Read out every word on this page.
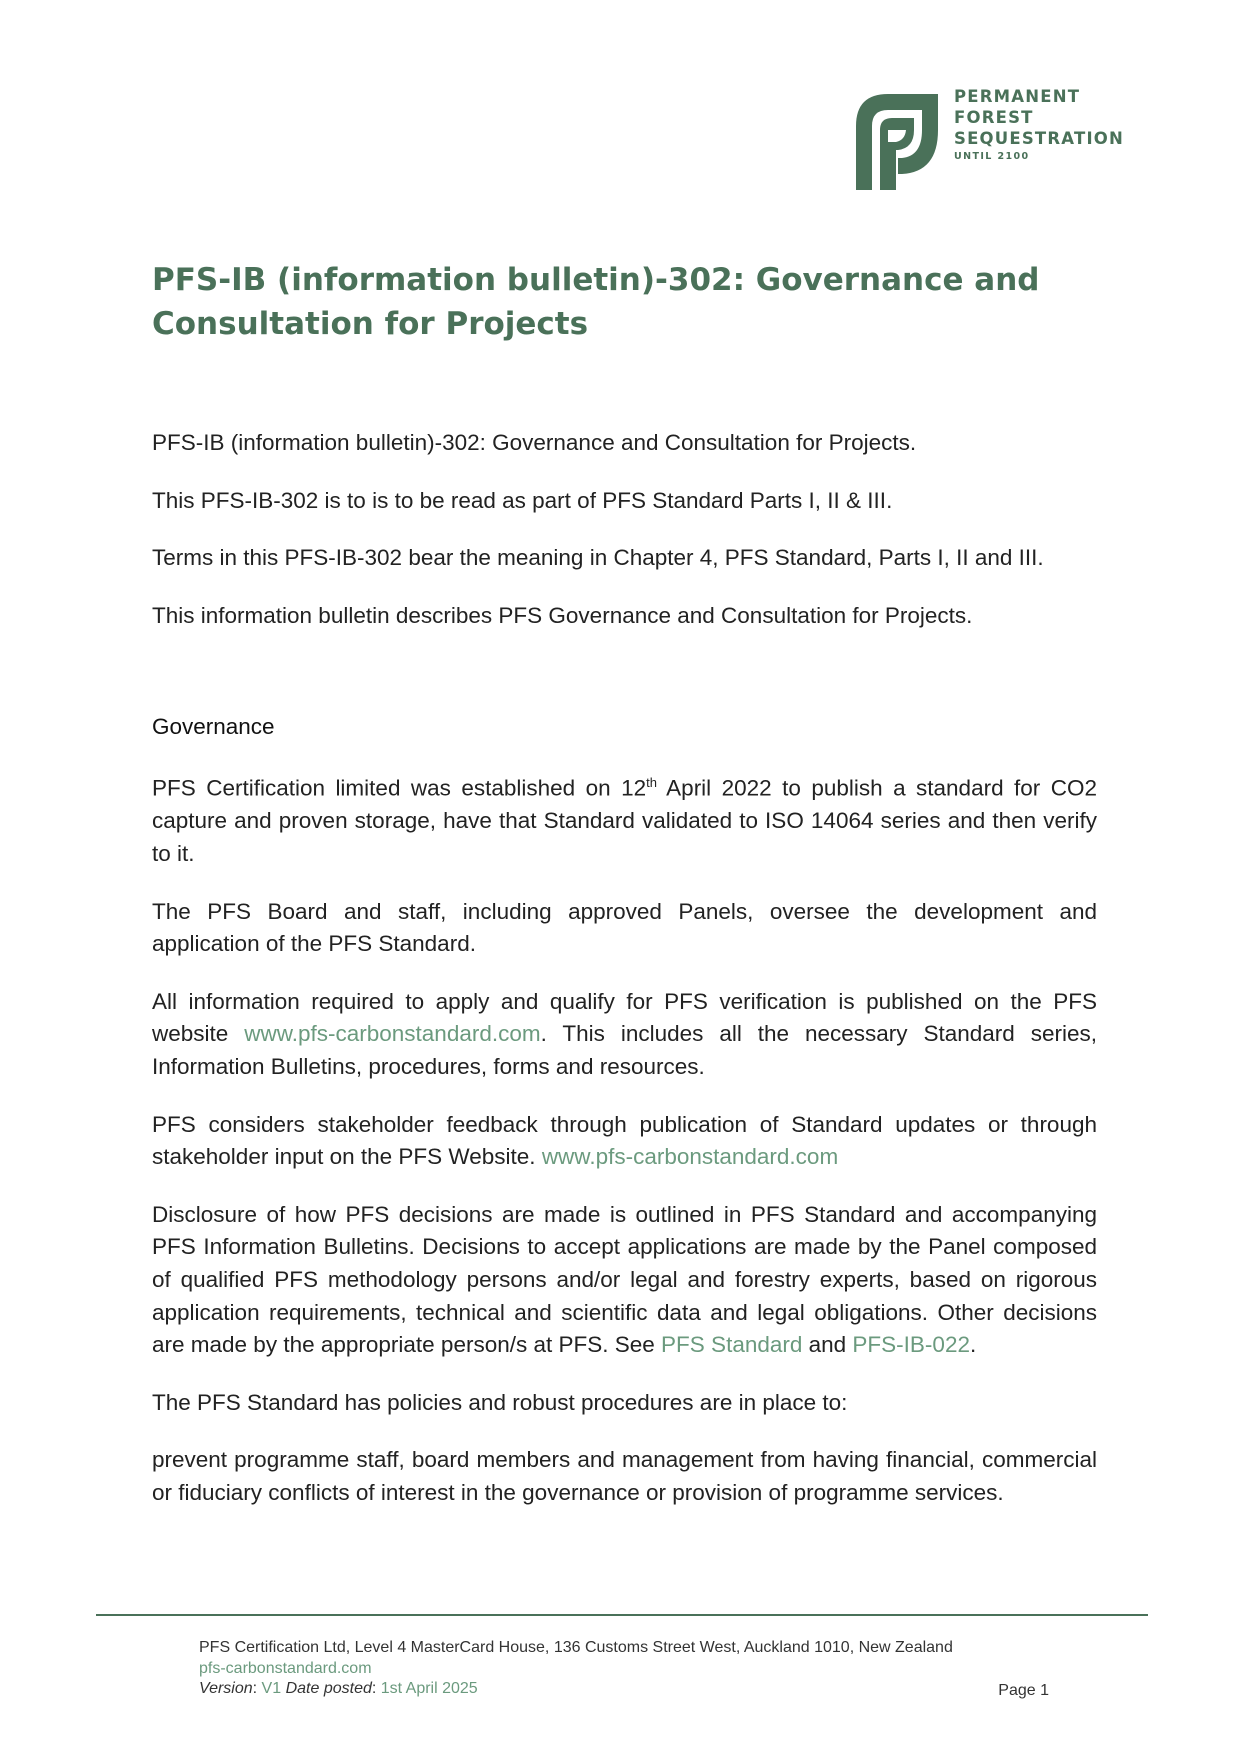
PERMANENT
FOREST
SEQUESTRATION
UNTIL 2100
PFS-IB (information bulletin)-302: Governance and Consultation for Projects

PFS-IB (information bulletin)-302: Governance and Consultation for Projects.

This PFS-IB-302 is to is to be read as part of PFS Standard Parts I, II & III.

Terms in this PFS-IB-302 bear the meaning in Chapter 4, PFS Standard, Parts I, II and III.

This information bulletin describes PFS Governance and Consultation for Projects.

Governance

PFS Certification limited was established on 12th April 2022 to publish a standard for CO2 capture and proven storage, have that Standard validated to ISO 14064 series and then verify to it.

The PFS Board and staff, including approved Panels, oversee the development and application of the PFS Standard.

All information required to apply and qualify for PFS verification is published on the PFS website www.pfs-carbonstandard.com. This includes all the necessary Standard series, Information Bulletins, procedures, forms and resources.

PFS considers stakeholder feedback through publication of Standard updates or through stakeholder input on the PFS Website. www.pfs-carbonstandard.com

Disclosure of how PFS decisions are made is outlined in PFS Standard and accompanying PFS Information Bulletins. Decisions to accept applications are made by the Panel composed of qualified PFS methodology persons and/or legal and forestry experts, based on rigorous application requirements, technical and scientific data and legal obligations. Other decisions are made by the appropriate person/s at PFS. See PFS Standard and PFS-IB-022.

The PFS Standard has policies and robust procedures are in place to:

prevent programme staff, board members and management from having financial, commercial or fiduciary conflicts of interest in the governance or provision of programme services.

PFS Certification Ltd, Level 4 MasterCard House, 136 Customs Street West, Auckland 1010, New Zealand
pfs-carbonstandard.com
Version: V1 Date posted: 1st April 2025	Page 1
